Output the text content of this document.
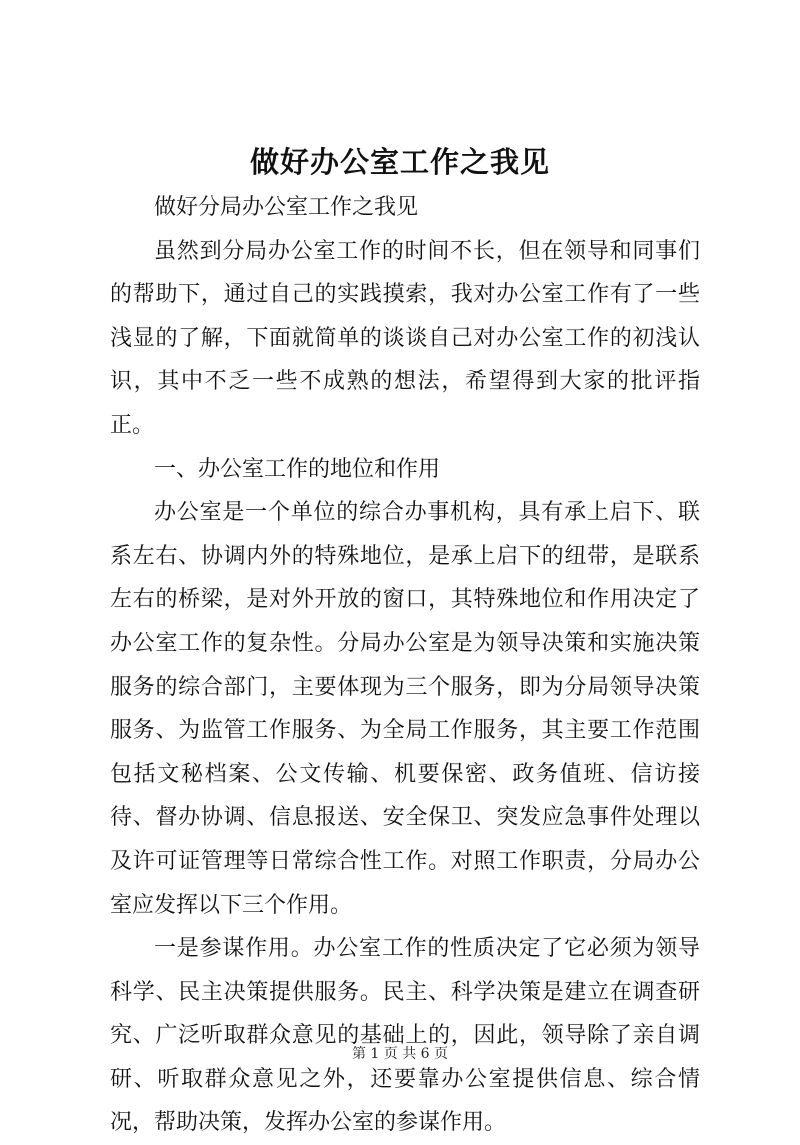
做好办公室工作之我见

做好分局办公室工作之我见

虽然到分局办公室工作的时间不长，但在领导和同事们的帮助下，通过自己的实践摸索，我对办公室工作有了一些浅显的了解，下面就简单的谈谈自己对办公室工作的初浅认识，其中不乏一些不成熟的想法，希望得到大家的批评指正。

一、办公室工作的地位和作用

办公室是一个单位的综合办事机构，具有承上启下、联系左右、协调内外的特殊地位，是承上启下的纽带，是联系左右的桥梁，是对外开放的窗口，其特殊地位和作用决定了办公室工作的复杂性。分局办公室是为领导决策和实施决策服务的综合部门，主要体现为三个服务，即为分局领导决策服务、为监管工作服务、为全局工作服务，其主要工作范围包括文秘档案、公文传输、机要保密、政务值班、信访接待、督办协调、信息报送、安全保卫、突发应急事件处理以及许可证管理等日常综合性工作。对照工作职责，分局办公室应发挥以下三个作用。

一是参谋作用。办公室工作的性质决定了它必须为领导科学、民主决策提供服务。民主、科学决策是建立在调查研究、广泛听取群众意见的基础上的，因此，领导除了亲自调研、听取群众意见之外，还要靠办公室提供信息、综合情况，帮助决策，发挥办公室的参谋作用。

第 1 页 共 6 页
